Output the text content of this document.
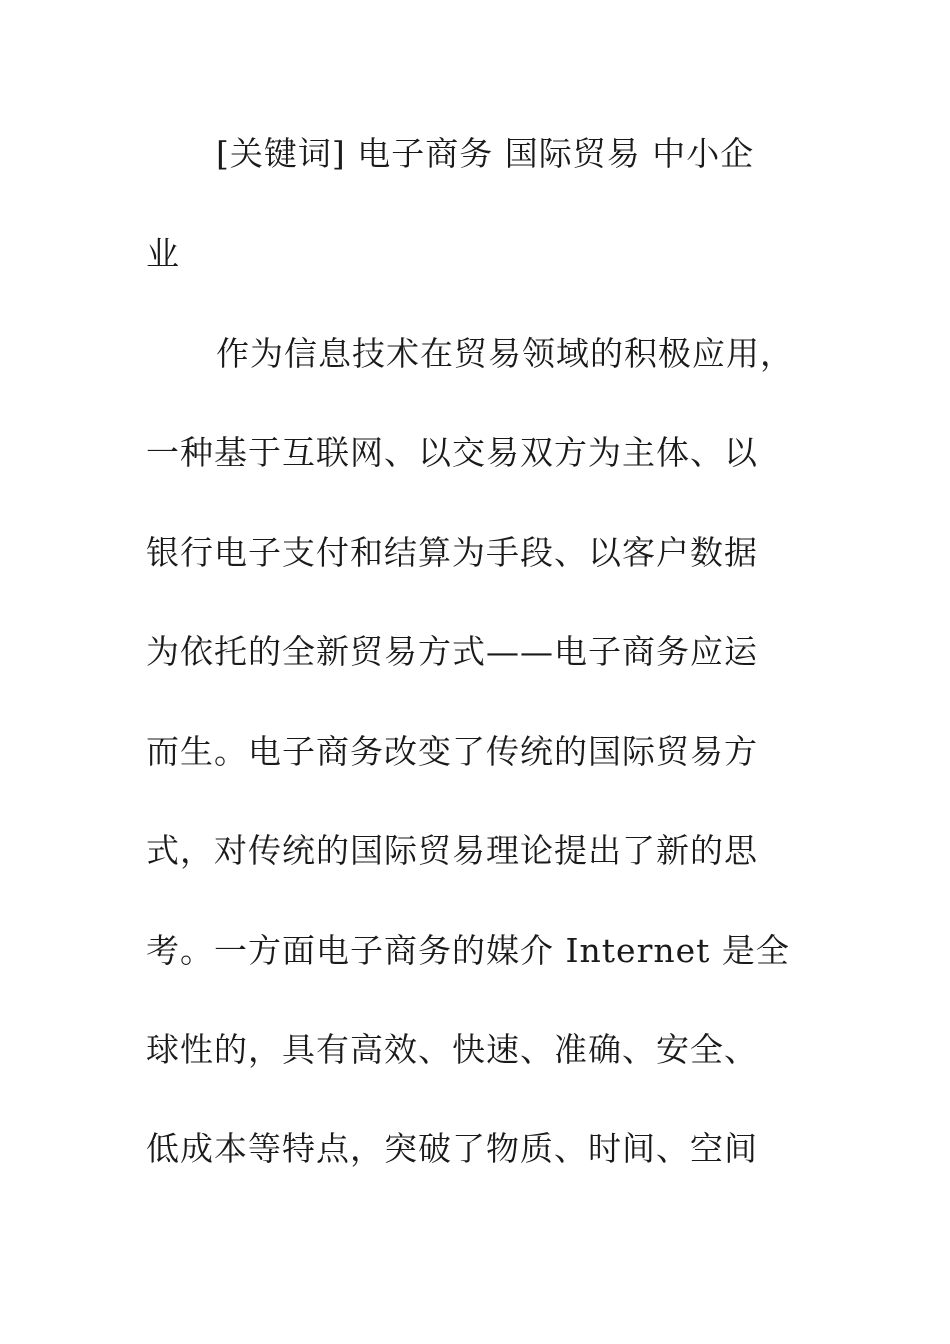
[关键词] 电子商务 国际贸易 中小企
业
作为信息技术在贸易领域的积极应用，
一种基于互联网、以交易双方为主体、以
银行电子支付和结算为手段、以客户数据
为依托的全新贸易方式——电子商务应运
而生。电子商务改变了传统的国际贸易方
式，对传统的国际贸易理论提出了新的思
考。一方面电子商务的媒介 Internet 是全
球性的，具有高效、快速、准确、安全、
低成本等特点，突破了物质、时间、空间
